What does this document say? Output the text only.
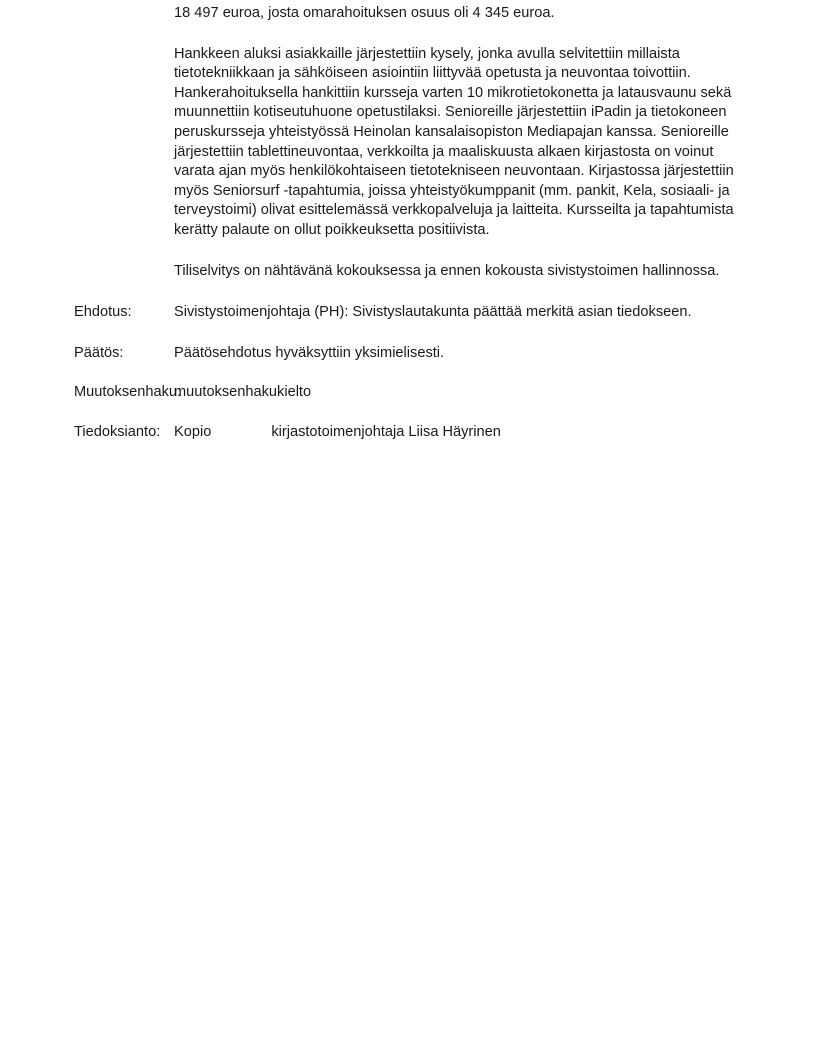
18 497 euroa, josta omarahoituksen osuus oli 4 345 euroa.

Hankkeen aluksi asiakkaille järjestettiin kysely, jonka avulla selvitettiin millaista tietotekniikkaan ja sähköiseen asiointiin liittyvää opetusta ja neuvontaa toivottiin. Hankerahoituksella hankittiin kursseja varten 10 mikrotietokonetta ja latausvaunu sekä muunnettiin kotiseutuhuone opetustilaksi. Senioreille järjestettiin iPadin ja tietokoneen peruskursseja yhteistyössä Heinolan kansalaisopiston Mediapajan kanssa. Senioreille järjestettiin tablettineuvontaa, verkkoilta ja maaliskuusta alkaen kirjastosta on voinut varata ajan myös henkilökohtaiseen tietotekniseen neuvontaan. Kirjastossa järjestettiin myös Seniorsurf -tapahtumia, joissa yhteistyökumppanit (mm. pankit, Kela, sosiaali- ja terveystoimi) olivat esittelemässä verkkopalveluja ja laitteita. Kursseilta ja tapahtumista kerätty palaute on ollut poikkeuksetta positiivista.

Tiliselvitys on nähtävänä kokouksessa ja ennen kokousta sivistystoimen hallinnossa.

Ehdotus:	Sivistystoimenjohtaja (PH): Sivistyslautakunta päättää merkitä asian tiedokseen.

Päätös:	Päätösehdotus hyväksyttiin yksimielisesti.

Muutoksenhaku:

muutoksenhakukielto

Tiedoksianto: Kopio	kirjastotoimenjohtaja Liisa Häyrinen
